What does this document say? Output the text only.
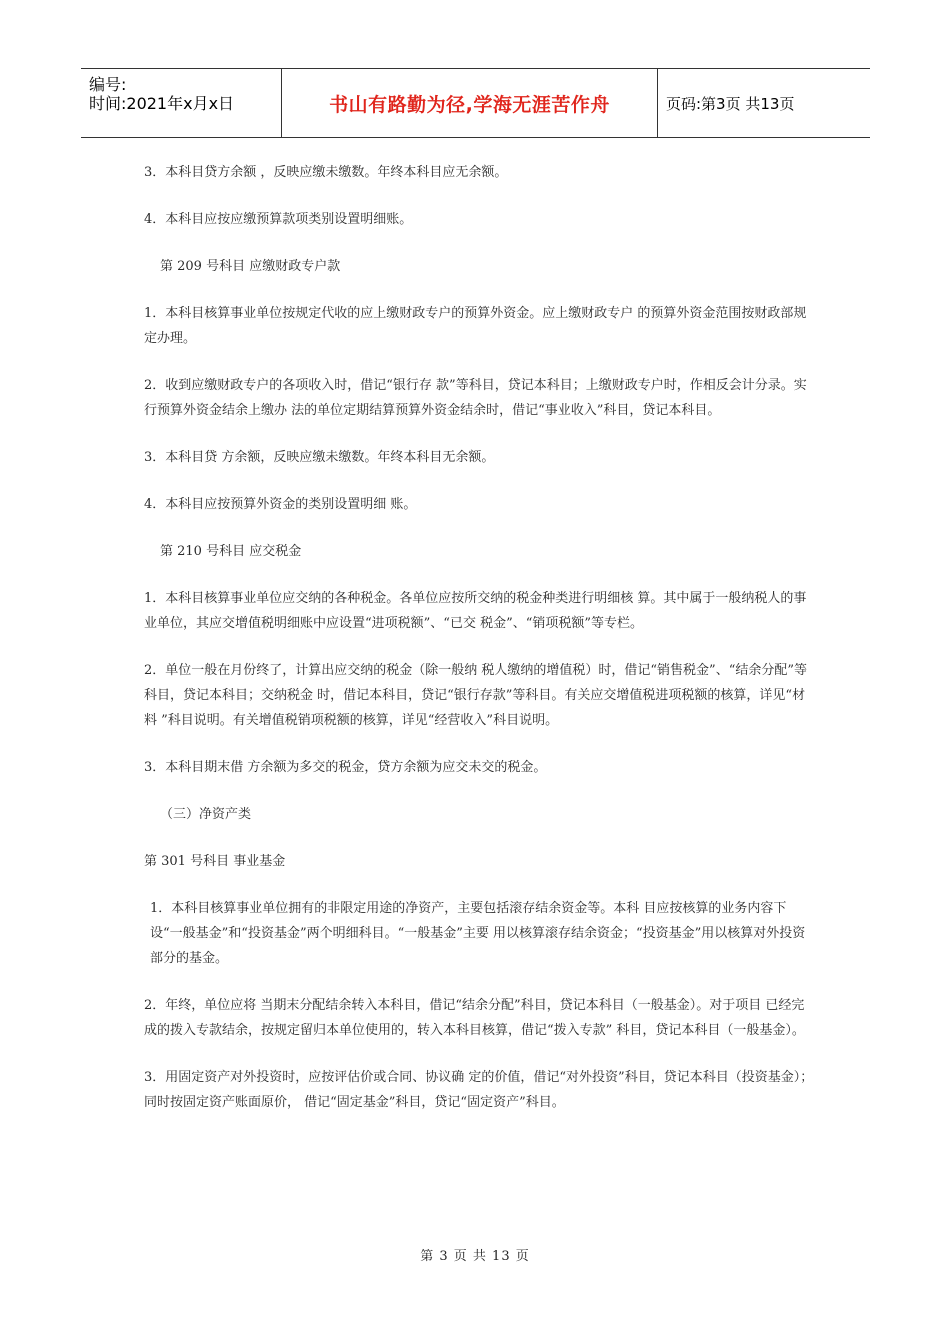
编号:
时间:2021年x月x日	书山有路勤为径,学海无涯苦作舟	页码:第3页 共13页

3．本科目贷方余额 ，反映应缴未缴数。年终本科目应无余额。

4．本科目应按应缴预算款项类别设置明细账。

第 209 号科目 应缴财政专户款

1．本科目核算事业单位按规定代收的应上缴财政专户的预算外资金。应上缴财政专户 的预算外资金范围按财政部规定办理。

2．收到应缴财政专户的各项收入时，借记“银行存 款”等科目，贷记本科目；上缴财政专户时，作相反会计分录。实行预算外资金结余上缴办 法的单位定期结算预算外资金结余时，借记“事业收入”科目，贷记本科目。

3．本科目贷 方余额，反映应缴未缴数。年终本科目无余额。

4．本科目应按预算外资金的类别设置明细 账。

第 210 号科目 应交税金

1．本科目核算事业单位应交纳的各种税金。各单位应按所交纳的税金种类进行明细核 算。其中属于一般纳税人的事业单位，其应交增值税明细账中应设置“进项税额”、“已交 税金”、“销项税额”等专栏。

2．单位一般在月份终了，计算出应交纳的税金（除一般纳 税人缴纳的增值税）时，借记“销售税金”、“结余分配”等科目，贷记本科目；交纳税金 时，借记本科目，贷记“银行存款”等科目。有关应交增值税进项税额的核算，详见“材料 ”科目说明。有关增值税销项税额的核算，详见“经营收入”科目说明。

3．本科目期末借 方余额为多交的税金，贷方余额为应交未交的税金。

（三）净资产类

第 301 号科目 事业基金

1．本科目核算事业单位拥有的非限定用途的净资产，主要包括滚存结余资金等。本科 目应按核算的业务内容下设“一般基金”和“投资基金”两个明细科目。“一般基金”主要 用以核算滚存结余资金；“投资基金”用以核算对外投资部分的基金。

2．年终，单位应将 当期末分配结余转入本科目，借记“结余分配”科目，贷记本科目（一般基金）。对于项目 已经完成的拨入专款结余，按规定留归本单位使用的，转入本科目核算，借记“拨入专款” 科目，贷记本科目（一般基金）。

3．用固定资产对外投资时，应按评估价或合同、协议确 定的价值，借记“对外投资”科目，贷记本科目（投资基金）；同时按固定资产账面原价， 借记“固定基金”科目，贷记“固定资产”科目。

第 3 页 共 13 页
